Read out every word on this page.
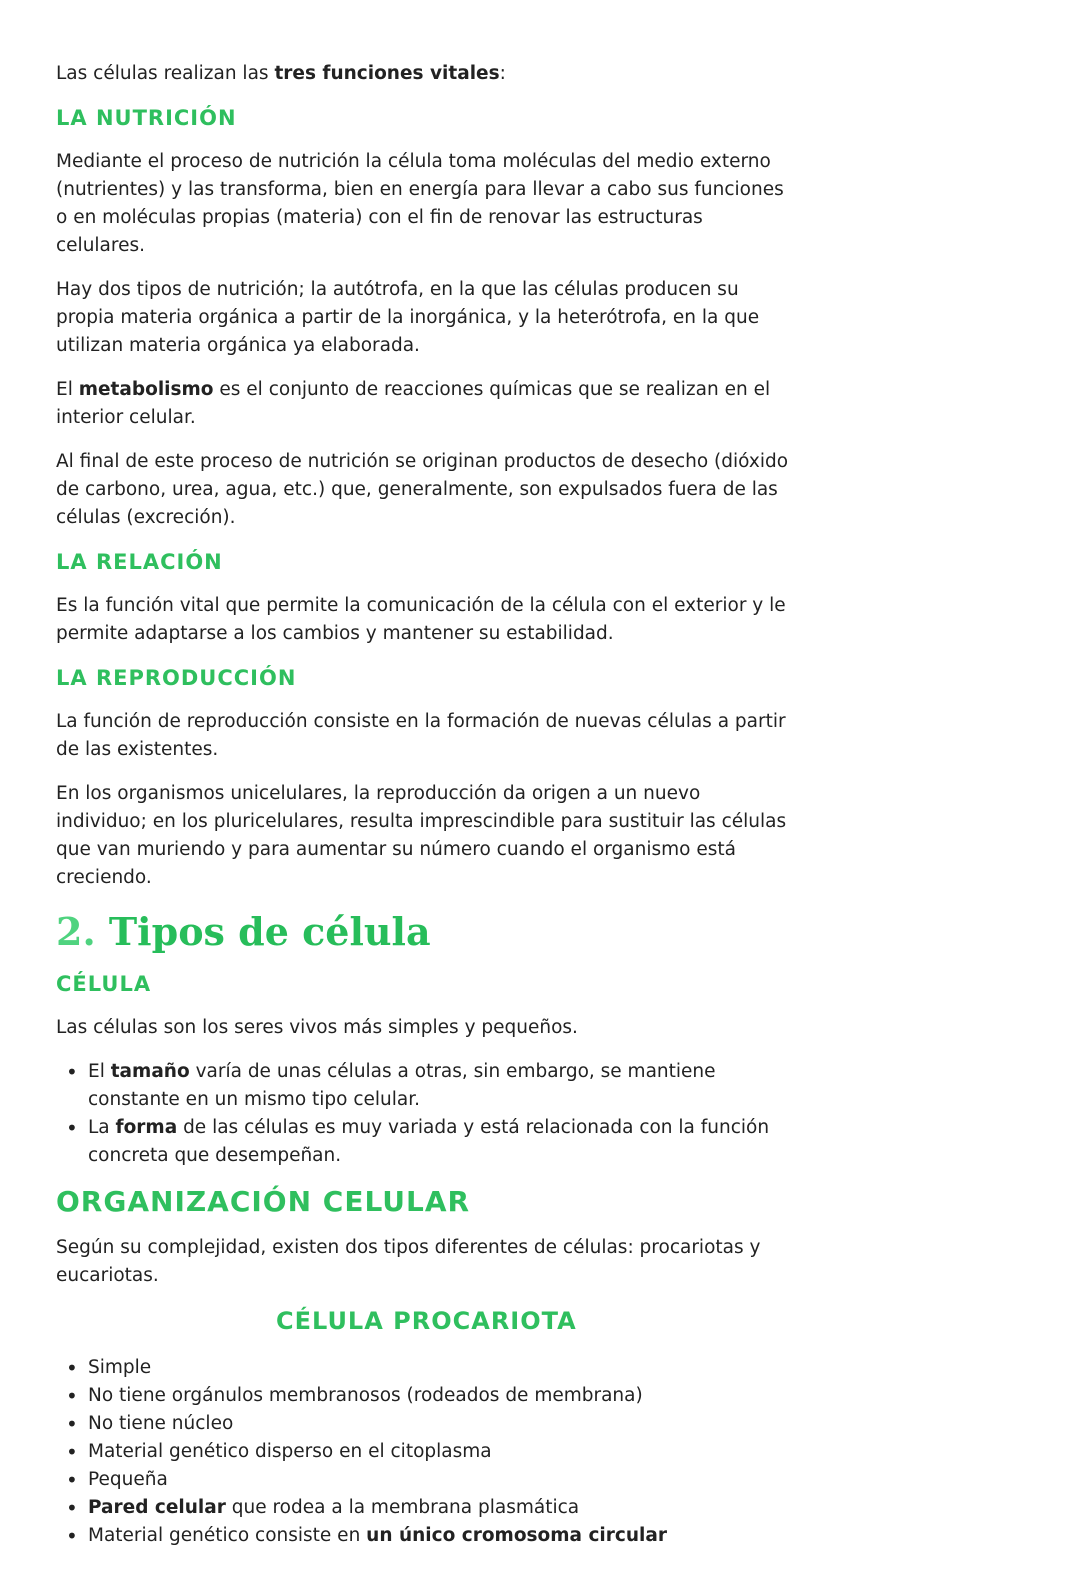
Las células realizan las tres funciones vitales:

LA NUTRICIÓN

Mediante el proceso de nutrición la célula toma moléculas del medio externo (nutrientes) y las transforma, bien en energía para llevar a cabo sus funciones o en moléculas propias (materia) con el fin de renovar las estructuras celulares.

Hay dos tipos de nutrición; la autótrofa, en la que las células producen su propia materia orgánica a partir de la inorgánica, y la heterótrofa, en la que utilizan materia orgánica ya elaborada.

El metabolismo es el conjunto de reacciones químicas que se realizan en el interior celular.

Al final de este proceso de nutrición se originan productos de desecho (dióxido de carbono, urea, agua, etc.) que, generalmente, son expulsados fuera de las células (excreción).

LA RELACIÓN

Es la función vital que permite la comunicación de la célula con el exterior y le permite adaptarse a los cambios y mantener su estabilidad.

LA REPRODUCCIÓN

La función de reproducción consiste en la formación de nuevas células a partir de las existentes.

En los organismos unicelulares, la reproducción da origen a un nuevo individuo; en los pluricelulares, resulta imprescindible para sustituir las células que van muriendo y para aumentar su número cuando el organismo está creciendo.

2. Tipos de célula
CÉLULA

Las células son los seres vivos más simples y pequeños.

• El tamaño varía de unas células a otras, sin embargo, se mantiene constante en un mismo tipo celular.
• La forma de las células es muy variada y está relacionada con la función concreta que desempeñan.
ORGANIZACIÓN CELULAR

Según su complejidad, existen dos tipos diferentes de células: procariotas y eucariotas.

CÉLULA PROCARIOTA
• Simple
• No tiene orgánulos membranosos (rodeados de membrana)
• No tiene núcleo
• Material genético disperso en el citoplasma
• Pequeña
• Pared celular que rodea a la membrana plasmática
• Material genético consiste en un único cromosoma circular
